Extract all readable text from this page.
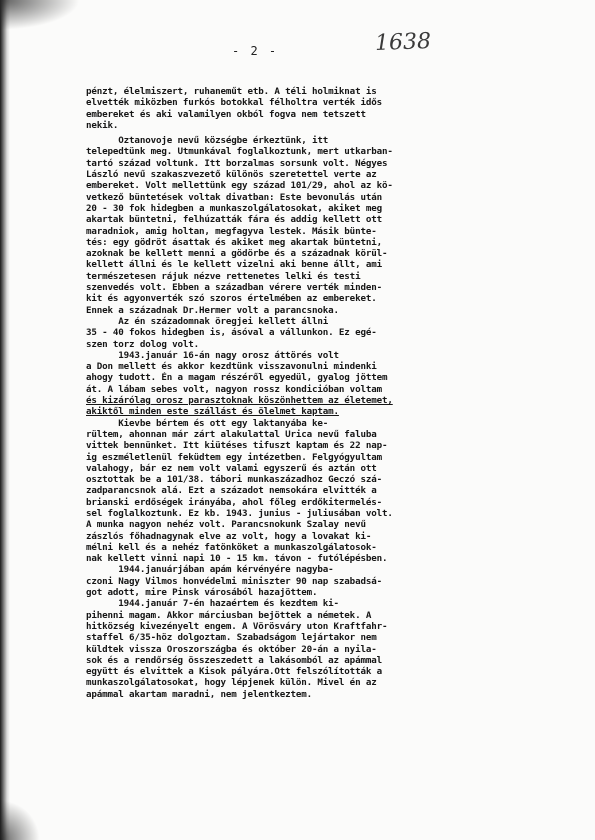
- 2 -	1638
pénzt, élelmiszert, ruhaneműt etb. A téli holmiknat is
elvették miközben furkós botokkal félholtra verték idős
embereket és aki valamilyen okból fogva nem tetszett
nekik.
Oztanovoje nevű községbe érkeztünk, itt
telepedtünk meg. Utmunkával foglalkoztunk, mert utkarban-
tartó század voltunk. Itt borzalmas sorsunk volt. Négyes
László nevű szakaszvezető különös szeretettel verte az
embereket. Volt mellettünk egy század 101/29, ahol az kö-
vetkező büntetések voltak divatban: Este bevonulás után
20 - 30 fok hidegben a munkaszolgálatosokat, akiket meg
akartak büntetni, felhúzatták fára és addig kellett ott
maradniok, amig holtan, megfagyva lestek. Másik bünte-
tés: egy gödröt ásattak és akiket meg akartak büntetni,
azoknak be kellett menni a gödörbe és a századnak körül-
kellett állni és le kellett vizelni aki benne állt, ami
természetesen rájuk nézve rettenetes lelki és testi
szenvedés volt. Ebben a században vérere verték minden-
kit és agyonverték szó szoros értelmében az embereket.
Ennek a századnak Dr.Hermer volt a parancsnoka.
Az én századomnak öregjei kellett állni
35 - 40 fokos hidegben is, ásóval a vállunkon. Ez egé-
szen torz dolog volt.
1943.január 16-án nagy orosz áttörés volt
a Don mellett és akkor kezdtünk visszavonulni mindenki
ahogy tudott. Én a magam részéről egyedül, gyalog jöttem
át. A lábam sebes volt, nagyon rossz kondicióban voltam
és kizárólag orosz parasztoknak köszönhettem az életemet,
akiktől minden este szállást és ölelmet kaptam.
Kievbe bértem és ott egy laktanyába ke-
rültem, ahonnan már zárt alakulattal Urica nevű faluba
vittek bennünket. Itt kiütéses tifuszt kaptam és 22 nap-
ig eszméletlenül feküdtem egy intézetben. Felgyógyultam
valahogy, bár ez nem volt valami egyszerű és aztán ott
osztottak be a 101/38. tábori munkaszázadhoz Geczó szá-
zadparancsnok alá. Ezt a századot nemsokára elvitték a
brianski erdőségek irányába, ahol főleg erdőkitermelés-
sel foglalkoztunk. Ez kb. 1943. junius - juliusában volt.
A munka nagyon nehéz volt. Parancsnokunk Szalay nevű
zászlós főhadnagynak elve az volt, hogy a lovakat ki-
mélni kell és a nehéz fatönköket a munkaszolgálatosok-
nak kellett vinni napi 10 - 15 km. távon - futólépésben.
1944.januárjában apám kérvényére nagyba-
czoni Nagy Vilmos honvédelmi miniszter 90 nap szabadsá-
got adott, mire Pinsk városából hazajöttem.
1944.január 7-én hazaértem és kezdtem ki-
pihenni magam. Akkor márciusban bejöttek a németek. A
hitközség kivezényelt engem. A Vörösváry uton Kraftfahr-
staffel 6/35-höz dolgoztam. Szabadságom lejártakor nem
küldtek vissza Oroszországba és október 20-án a nyila-
sok és a rendőrség összeszedett a lakásomból az apámmal
együtt és elvittek a Kisok pályára.Ott felszólították a
munkaszolgálatosokat, hogy lépjenek külön. Mivel én az
apámmal akartam maradni, nem jelentkeztem.
